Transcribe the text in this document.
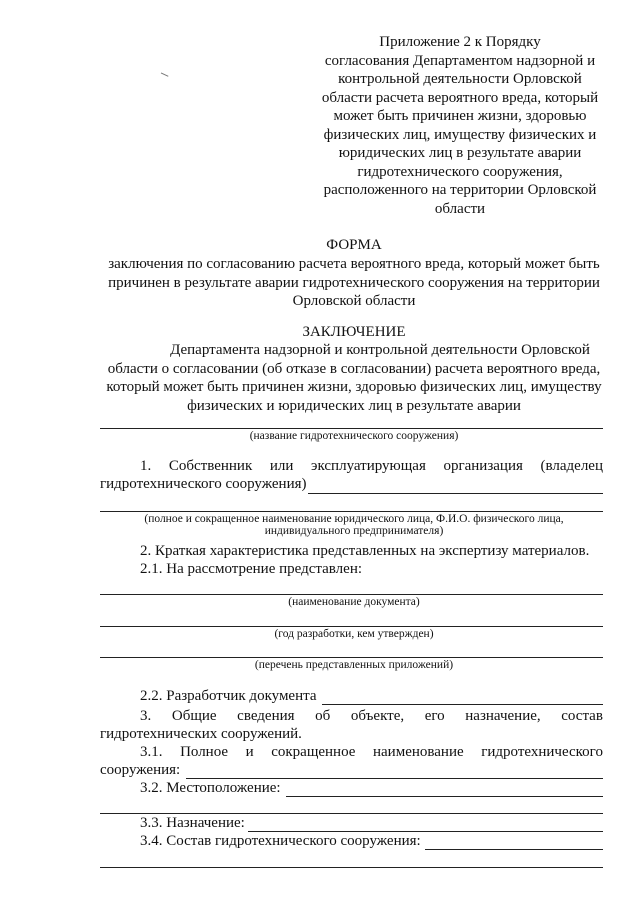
Приложение 2 к Порядку
согласования Департаментом надзорной и
контрольной деятельности Орловской
области расчета вероятного вреда, который
может быть причинен жизни, здоровью
физических лиц, имуществу физических и
юридических лиц в результате аварии
гидротехнического сооружения,
расположенного на территории Орловской
области
ФОРМА
заключения по согласованию расчета вероятного вреда, который может быть
причинен в результате аварии гидротехнического сооружения на территории
Орловской области
ЗАКЛЮЧЕНИЕ
Департамента надзорной и контрольной деятельности Орловской
области о согласовании (об отказе в согласовании) расчета вероятного вреда,
который может быть причинен жизни, здоровью физических лиц, имуществу
физических и юридических лиц в результате аварии
(название гидротехнического сооружения)
1. Собственник или эксплуатирующая организация (владелец
гидротехнического сооружения)
(полное и сокращенное наименование юридического лица, Ф.И.О. физического лица,
индивидуального предпринимателя)
2. Краткая характеристика представленных на экспертизу материалов.
2.1. На рассмотрение представлен:
(наименование документа)
(год разработки, кем утвержден)
(перечень представленных приложений)
2.2. Разработчик документа
3. Общие сведения об объекте, его назначение, состав
гидротехнических сооружений.
3.1. Полное и сокращенное наименование гидротехнического
сооружения:
3.2. Местоположение:
3.3. Назначение:
3.4. Состав гидротехнического сооружения:
